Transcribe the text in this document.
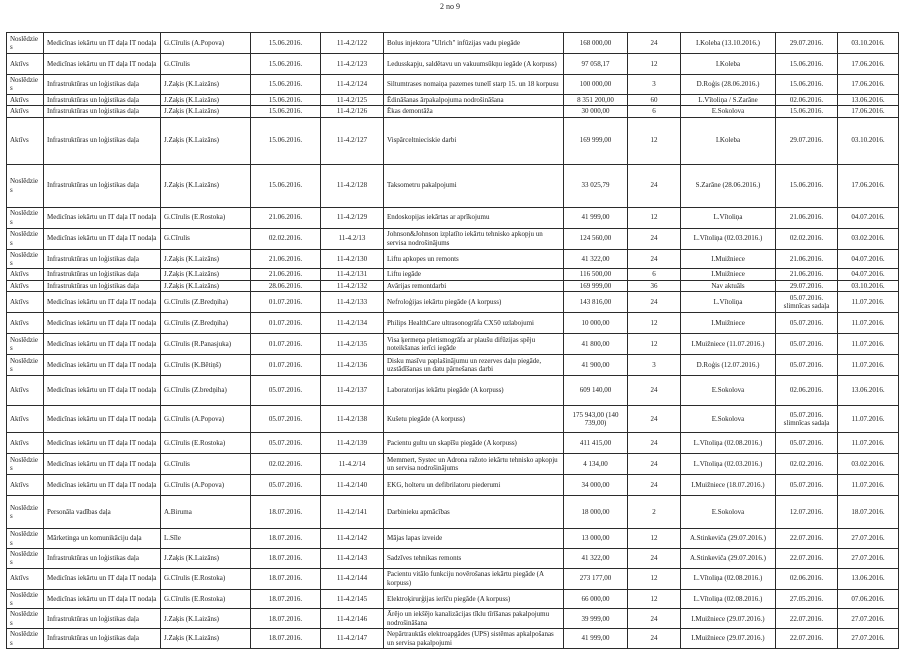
2 no 9
Noslēdzies	Medicīnas iekārtu un IT daļa IT nodaļa	G.Cīrulis (A.Popova)	15.06.2016.	11-4.2/122	Bolus injektora "Ulrich" infūzijas vadu piegāde	168 000,00	24	I.Koleba (13.10.2016.)	29.07.2016.	03.10.2016.
Aktīvs	Medicīnas iekārtu un IT daļa IT nodaļa	G.Cīrulis	15.06.2016.	11-4.2/123	Ledusskapju, saldētavu un vakuumsūkņu iegāde (A korpuss)	97 058,17	12	I.Koleba	15.06.2016.	17.06.2016.
Noslēdzies	Infrastruktūras un loģistikas daļa	J.Zaķis (K.Laizāns)	15.06.2016.	11-4.2/124	Siltumtrases nomaiņa pazemes tunelī starp 15. un 18 korpusu	100 000,00	3	D.Roģis (28.06.2016.)	15.06.2016.	17.06.2016.
Aktīvs	Infrastruktūras un loģistikas daļa	J.Zaķis (K.Laizāns)	15.06.2016.	11-4.2/125	Ēdināšanas ārpakalpojuma nodrošināšana	8 351 200,00	60	L.Vītoliņa / S.Zarāne	02.06.2016.	13.06.2016.
Aktīvs	Infrastruktūras un loģistikas daļa	J.Zaķis (K.Laizāns)	15.06.2016.	11-4.2/126	Ēkas demontāža	30 000,00	6	E.Sokolova	15.06.2016.	17.06.2016.
Aktīvs	Infrastruktūras un loģistikas daļa	J.Zaķis (K.Laizāns)	15.06.2016.	11-4.2/127	Vispārceltnieciskie darbi	169 999,00	12	I.Koleba	29.07.2016.	03.10.2016.
Noslēdzies	Infrastruktūras un loģistikas daļa	J.Zaķis (K.Laizāns)	15.06.2016.	11-4.2/128	Taksometru pakalpojumi	33 025,79	24	S.Zarāne (28.06.2016.)	15.06.2016.	17.06.2016.
Noslēdzies	Medicīnas iekārtu un IT daļa IT nodaļa	G.Cīrulis (E.Rostoka)	21.06.2016.	11-4.2/129	Endoskopijas iekārtas ar aprīkojumu	41 999,00	12	L.Vītoliņa	21.06.2016.	04.07.2016.
Noslēdzies	Medicīnas iekārtu un IT daļa IT nodaļa	G.Cīrulis	02.02.2016.	11-4.2/13	Johnson&Johnson izplatīto iekārtu tehnisko apkopju un servisa nodrošinājums	124 560,00	24	L.Vītoliņa (02.03.2016.)	02.02.2016.	03.02.2016.
Noslēdzies	Infrastruktūras un loģistikas daļa	J.Zaķis (K.Laizāns)	21.06.2016.	11-4.2/130	Liftu apkopes un remonts	41 322,00	24	I.Muižniece	21.06.2016.	04.07.2016.
Aktīvs	Infrastruktūras un loģistikas daļa	J.Zaķis (K.Laizāns)	21.06.2016.	11-4.2/131	Liftu iegāde	116 500,00	6	I.Muižniece	21.06.2016.	04.07.2016.
Aktīvs	Infrastruktūras un loģistikas daļa	J.Zaķis (K.Laizāns)	28.06.2016.	11-4.2/132	Avārijas remontdarbi	169 999,00	36	Nav aktuāls	29.07.2016.	03.10.2016.
Aktīvs	Medicīnas iekārtu un IT daļa IT nodaļa	G.Cīrulis (Z.Bredņiha)	01.07.2016.	11-4.2/133	Nefroloģijas iekārtu piegāde (A korpuss)	143 816,00	24	L.Vītoliņa	05.07.2016. slimnīcas sadaļa	11.07.2016.
Aktīvs	Medicīnas iekārtu un IT daļa IT nodaļa	G.Cīrulis (Z.Bredņiha)	01.07.2016.	11-4.2/134	Philips HealthCare ultrasonogrāfa CX50 uzlabojumi	10 000,00	12	I.Muižniece	05.07.2016.	11.07.2016.
Noslēdzies	Medicīnas iekārtu un IT daļa IT nodaļa	G.Cīrulis (R.Panasjuka)	01.07.2016.	11-4.2/135	Visa ķermeņa pletismogrāfa ar plaušu difūzijas spēju noteikšanas ierīci iegāde	41 800,00	12	I.Muižniece (11.07.2016.)	05.07.2016.	11.07.2016.
Noslēdzies	Medicīnas iekārtu un IT daļa IT nodaļa	G.Cīrulis (K.Bētiņš)	01.07.2016.	11-4.2/136	Disku masīvu paplašinājumu un rezerves daļu piegāde, uzstādīšanas un datu pārnešanas darbi	41 900,00	3	D.Roģis (12.07.2016.)	05.07.2016.	11.07.2016.
Aktīvs	Medicīnas iekārtu un IT daļa IT nodaļa	G.Cīrulis (Z.bredņiha)	05.07.2016.	11-4.2/137	Laboratorijas iekārtu piegāde (A korpuss)	609 140,00	24	E.Sokolova	02.06.2016.	13.06.2016.
Aktīvs	Medicīnas iekārtu un IT daļa IT nodaļa	G.Cīrulis (A.Popova)	05.07.2016.	11-4.2/138	Kušetu piegāde (A korpuss)	175 943,00 (140 739,00)	24	E.Sokolova	05.07.2016. slimnīcas sadaļa	11.07.2016.
Aktīvs	Medicīnas iekārtu un IT daļa IT nodaļa	G.Cīrulis (E.Rostoka)	05.07.2016.	11-4.2/139	Pacientu gultu un skapīšu piegāde (A korpuss)	411 415,00	24	L.Vītoliņa (02.08.2016.)	05.07.2016.	11.07.2016.
Noslēdzies	Medicīnas iekārtu un IT daļa IT nodaļa	G.Cīrulis	02.02.2016.	11-4.2/14	Memmert, Systec un Adrona ražoto iekārtu tehnisko apkopju un servisa nodrošinājums	4 134,00	24	L.Vītoliņa (02.03.2016.)	02.02.2016.	03.02.2016.
Aktīvs	Medicīnas iekārtu un IT daļa IT nodaļa	G.Cīrulis (A.Popova)	05.07.2016.	11-4.2/140	EKG, holteru un defibrilatoru piederumi	34 000,00	24	I.Muižniece (18.07.2016.)	05.07.2016.	11.07.2016.
Noslēdzies	Personāla vadības daļa	A.Biruma	18.07.2016.	11-4.2/141	Darbinieku apmācības	18 000,00	2	E.Sokolova	12.07.2016.	18.07.2016.
Noslēdzies	Mārketinga un komunikāciju daļa	L.Sīle	18.07.2016.	11-4.2/142	Mājas lapas izveide	13 000,00	12	A.Stinkeviča (29.07.2016.)	22.07.2016.	27.07.2016.
Noslēdzies	Infrastruktūras un loģistikas daļa	J.Zaķis (K.Laizāns)	18.07.2016.	11-4.2/143	Sadzīves tehnikas remonts	41 322,00	24	A.Stinkeviča (29.07.2016.)	22.07.2016.	27.07.2016.
Aktīvs	Medicīnas iekārtu un IT daļa IT nodaļa	G.Cīrulis (E.Rostoka)	18.07.2016.	11-4.2/144	Pacientu vitālo funkciju novērošanas iekārtu piegāde (A korpuss)	273 177,00	12	L.Vītoliņa (02.08.2016.)	02.06.2016.	13.06.2016.
Noslēdzies	Medicīnas iekārtu un IT daļa IT nodaļa	G.Cīrulis (E.Rostoka)	18.07.2016.	11-4.2/145	Elektroķirurģijas ierīču piegāde (A korpuss)	66 000,00	12	L.Vītoliņa (02.08.2016.)	27.05.2016.	07.06.2016.
Noslēdzies	Infrastruktūras un loģistikas daļa	J.Zaķis (K.Laizāns)	18.07.2016.	11-4.2/146	Ārējo un iekšējo kanalizācijas tīklu tīrīšanas pakalpojumu nodrošināšana	39 999,00	24	I.Muižniece (29.07.2016.)	22.07.2016.	27.07.2016.
Noslēdzies	Infrastruktūras un loģistikas daļa	J.Zaķis (K.Laizāns)	18.07.2016.	11-4.2/147	Nepārtrauktās elektroapgādes (UPS) sistēmas apkalpošanas un servisa pakalpojumi	41 999,00	24	I.Muižniece (29.07.2016.)	22.07.2016.	27.07.2016.
